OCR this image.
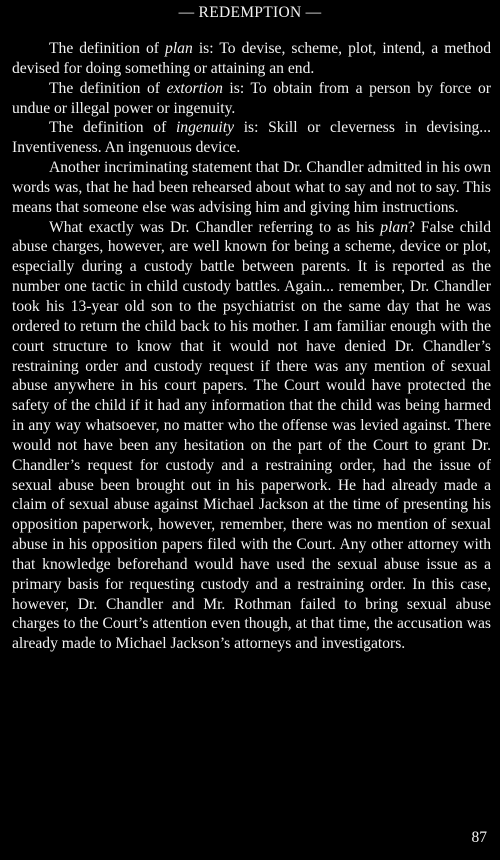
— REDEMPTION —

The definition of plan is: To devise, scheme, plot, intend, a method devised for doing something or attaining an end.

The definition of extortion is: To obtain from a person by force or undue or illegal power or ingenuity.

The definition of ingenuity is: Skill or cleverness in devising... Inventiveness. An ingenuous device.

Another incriminating statement that Dr. Chandler admitted in his own words was, that he had been rehearsed about what to say and not to say. This means that someone else was advising him and giving him instructions.

What exactly was Dr. Chandler referring to as his plan? False child abuse charges, however, are well known for being a scheme, device or plot, especially during a custody battle between parents. It is reported as the number one tactic in child custody battles. Again... remember, Dr. Chandler took his 13-year old son to the psychiatrist on the same day that he was ordered to return the child back to his mother. I am familiar enough with the court structure to know that it would not have denied Dr. Chandler’s restraining order and custody request if there was any mention of sexual abuse anywhere in his court papers. The Court would have protected the safety of the child if it had any information that the child was being harmed in any way whatsoever, no matter who the offense was levied against. There would not have been any hesitation on the part of the Court to grant Dr. Chandler’s request for custody and a restraining order, had the issue of sexual abuse been brought out in his paperwork. He had already made a claim of sexual abuse against Michael Jackson at the time of presenting his opposition paperwork, however, remember, there was no mention of sexual abuse in his opposition papers filed with the Court. Any other attorney with that knowledge beforehand would have used the sexual abuse issue as a primary basis for requesting custody and a restraining order. In this case, however, Dr. Chandler and Mr. Rothman failed to bring sexual abuse charges to the Court’s attention even though, at that time, the accusation was already made to Michael Jackson’s attorneys and investigators.

87
